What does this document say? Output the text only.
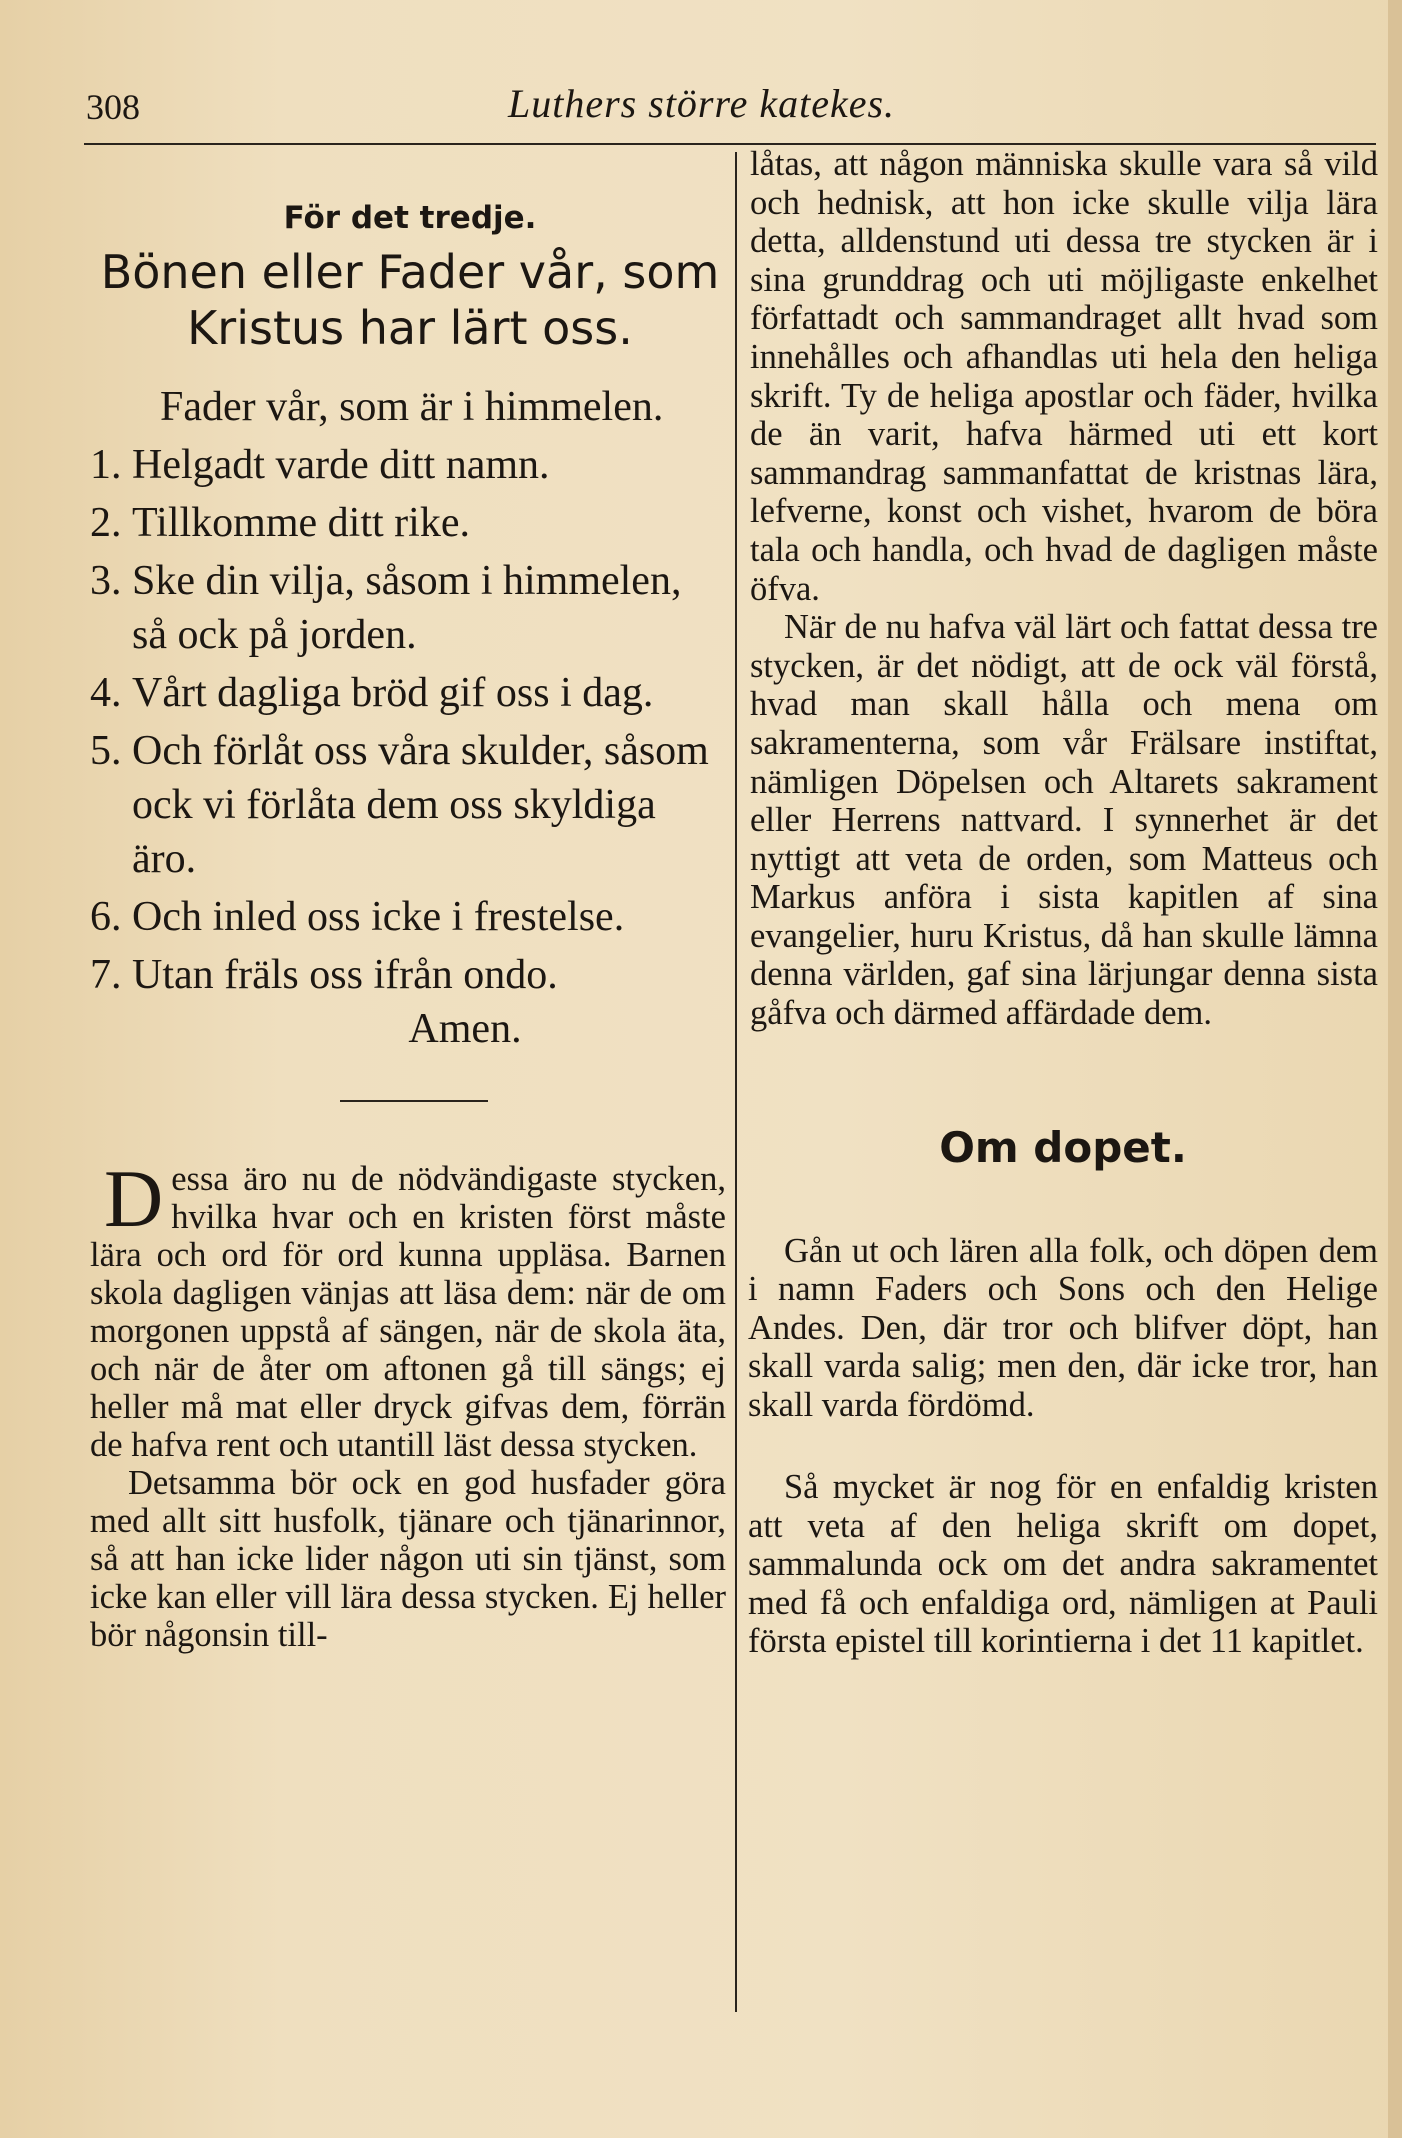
308	Luthers större katekes.
För det tredje.
Bönen eller Fader vår, som Kristus har lärt oss.
Fader vår, som är i himmelen.
1. Helgadt varde ditt namn.
2. Tillkomme ditt rike.
3. Ske din vilja, såsom i himmelen, så ock på jorden.
4. Vårt dagliga bröd gif oss i dag.
5. Och förlåt oss våra skulder, såsom ock vi förlåta dem oss skyldiga äro.
6. Och inled oss icke i frestelse.
7. Utan fräls oss ifrån ondo.
Amen.

Dessa äro nu de nödvändigaste stycken, hvilka hvar och en kristen först måste lära och ord för ord kunna uppläsa. Barnen skola dagligen vänjas att läsa dem: när de om morgonen uppstå af sängen, när de skola äta, och när de åter om aftonen gå till sängs; ej heller må mat eller dryck gifvas dem, förrän de hafva rent och utantill läst dessa stycken.

Detsamma bör ock en god husfader göra med allt sitt husfolk, tjänare och tjänarinnor, så att han icke lider någon uti sin tjänst, som icke kan eller vill lära dessa stycken. Ej heller bör någonsin till-

låtas, att någon människa skulle vara så vild och hednisk, att hon icke skulle vilja lära detta, alldenstund uti dessa tre stycken är i sina grunddrag och uti möjligaste enkelhet författadt och sammandraget allt hvad som innehålles och afhandlas uti hela den heliga skrift. Ty de heliga apostlar och fäder, hvilka de än varit, hafva härmed uti ett kort sammandrag sammanfattat de kristnas lära, lefverne, konst och vishet, hvarom de böra tala och handla, och hvad de dagligen måste öfva.

När de nu hafva väl lärt och fattat dessa tre stycken, är det nödigt, att de ock väl förstå, hvad man skall hålla och mena om sakramenterna, som vår Frälsare instiftat, nämligen Döpelsen och Altarets sakrament eller Herrens nattvard. I synnerhet är det nyttigt att veta de orden, som Matteus och Markus anföra i sista kapitlen af sina evangelier, huru Kristus, då han skulle lämna denna världen, gaf sina lärjungar denna sista gåfva och därmed affärdade dem.

Om dopet.
Gån ut och lären alla folk, och döpen dem i namn Faders och Sons och den Helige Andes. Den, där tror och blifver döpt, han skall varda salig; men den, där icke tror, han skall varda fördömd.
Så mycket är nog för en enfaldig kristen att veta af den heliga skrift om dopet, sammalunda ock om det andra sakramentet med få och enfaldiga ord, nämligen at Pauli första epistel till korintierna i det 11 kapitlet.
